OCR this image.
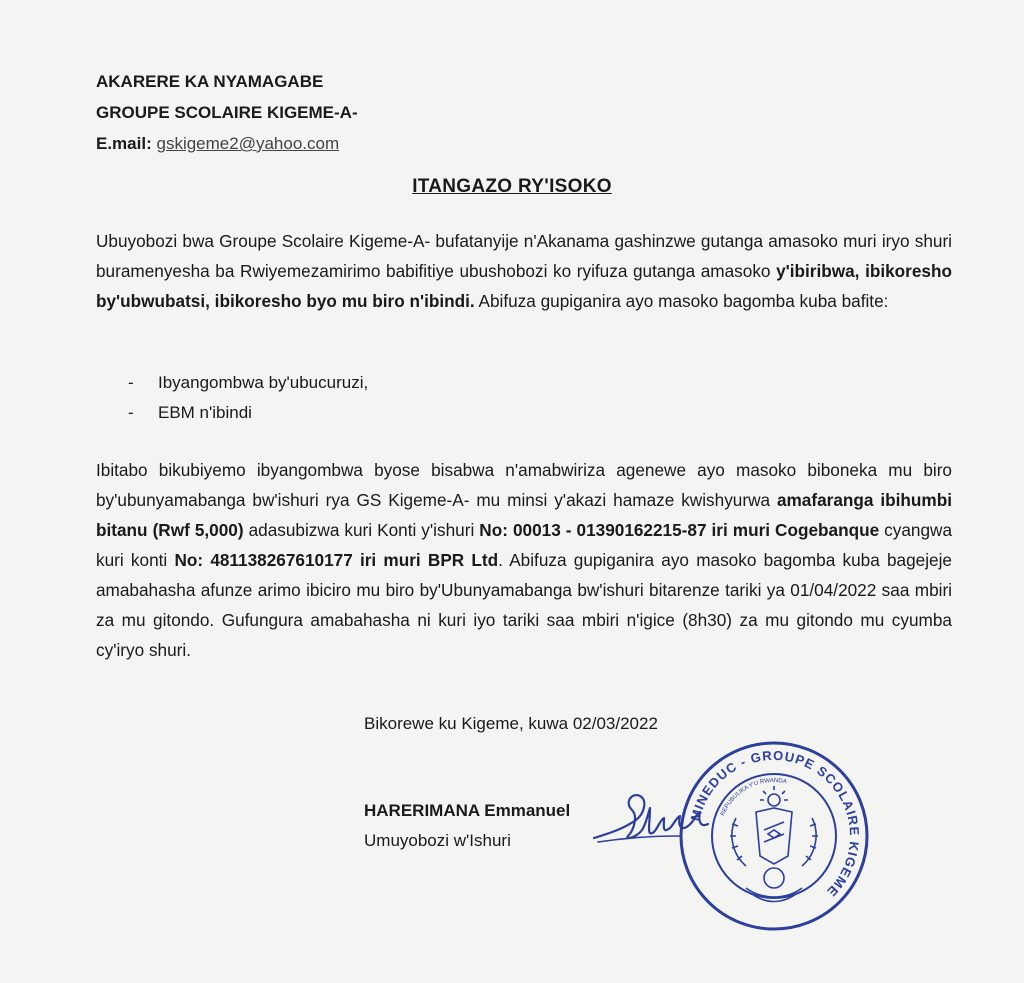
AKARERE KA NYAMAGABE
GROUPE SCOLAIRE KIGEME-A-
E.mail: gskigeme2@yahoo.com
ITANGAZO RY'ISOKO
Ubuyobozi bwa Groupe Scolaire Kigeme-A- bufatanyije n'Akanama gashinzwe gutanga amasoko muri iryo shuri buramenyesha ba Rwiyemezamirimo babifitiye ubushobozi ko ryifuza gutanga amasoko y'ibiribwa, ibikoresho by'ubwubatsi, ibikoresho byo mu biro n'ibindi. Abifuza gupiganira ayo masoko bagomba kuba bafite:
-	Ibyangombwa by'ubucuruzi,
-	EBM n'ibindi
Ibitabo bikubiyemo ibyangombwa byose bisabwa n'amabwiriza agenewe ayo masoko biboneka mu biro by'ubunyamabanga bw'ishuri rya GS Kigeme-A- mu minsi y'akazi hamaze kwishyurwa amafaranga ibihumbi bitanu (Rwf 5,000) adasubizwa kuri Konti y'ishuri No: 00013 - 01390162215-87 iri muri Cogebanque cyangwa kuri konti No: 481138267610177 iri muri BPR Ltd. Abifuza gupiganira ayo masoko bagomba kuba bagejeje amabahasha afunze arimo ibiciro mu biro by'Ubunyamabanga bw'ishuri bitarenze tariki ya 01/04/2022 saa mbiri za mu gitondo. Gufungura amabahasha ni kuri iyo tariki saa mbiri n'igice (8h30) za mu gitondo mu cyumba cy'iryo shuri.
Bikorewe ku Kigeme, kuwa 02/03/2022
HARERIMANA Emmanuel
Umuyobozi w'Ishuri
MINEDUC - GROUPE SCOLAIRE KIGEME
REPUBULIKA Y'U RWANDA
